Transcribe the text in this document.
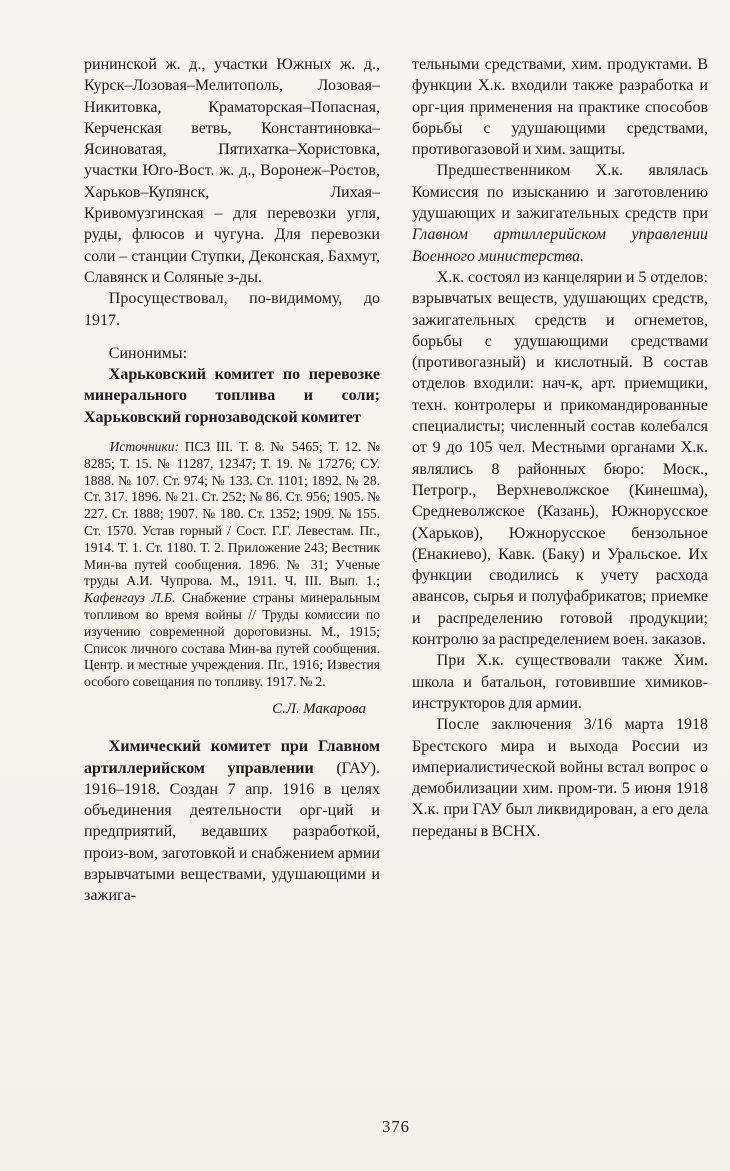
рининской ж. д., участки Южных ж. д., Курск–Лозовая–Мелитополь, Лозовая–Никитовка, Краматорская–Попасная, Керченская ветвь, Константиновка–Ясиноватая, Пятихатка–Хористовка, участки Юго-Вост. ж. д., Воронеж–Ростов, Харьков–Купянск, Лихая–Кривомузгинская – для перевозки угля, руды, флюсов и чугуна. Для перевозки соли – станции Ступки, Деконская, Бахмут, Славянск и Соляные з-ды.

Просуществовал, по-видимому, до 1917.

Синонимы:

Харьковский комитет по перевозке минерального топлива и соли; Харьковский горнозаводской комитет

Источники: ПСЗ III. Т. 8. № 5465; Т. 12. № 8285; Т. 15. № 11287, 12347; Т. 19. № 17276; СУ. 1888. № 107. Ст. 974; № 133. Ст. 1101; 1892. № 28. Ст. 317. 1896. № 21. Ст. 252; № 86. Ст. 956; 1905. № 227. Ст. 1888; 1907. № 180. Ст. 1352; 1909. № 155. Ст. 1570. Устав горный / Сост. Г.Г. Левестам. Пг., 1914. Т. 1. Ст. 1180. Т. 2. Приложение 243; Вестник Мин-ва путей сообщения. 1896. № 31; Ученые труды А.И. Чупрова. М., 1911. Ч. III. Вып. 1.; Кафенгауз Л.Б. Снабжение страны минеральным топливом во время войны // Труды комиссии по изучению современной дороговизны. М., 1915; Список личного состава Мин-ва путей сообщения. Центр. и местные учреждения. Пг., 1916; Известия особого совещания по топливу. 1917. № 2.

С.Л. Макарова

Химический комитет при Главном артиллерийском управлении (ГАУ). 1916–1918. Создан 7 апр. 1916 в целях объединения деятельности орг-ций и предприятий, ведавших разработкой, произ-вом, заготовкой и снабжением армии взрывчатыми веществами, удушающими и зажига-

тельными средствами, хим. продуктами. В функции Х.к. входили также разработка и орг-ция применения на практике способов борьбы с удушающими средствами, противогазовой и хим. защиты.

Предшественником Х.к. являлась Комиссия по изысканию и заготовлению удушающих и зажигательных средств при Главном артиллерийском управлении Военного министерства.

Х.к. состоял из канцелярии и 5 отделов: взрывчатых веществ, удушающих средств, зажигательных средств и огнеметов, борьбы с удушающими средствами (противогазный) и кислотный. В состав отделов входили: нач-к, арт. приемщики, техн. контролеры и прикомандированные специалисты; численный состав колебался от 9 до 105 чел. Местными органами Х.к. являлись 8 районных бюро: Моск., Петрогр., Верхневолжское (Кинешма), Средневолжское (Казань), Южнорусское (Харьков), Южнорусское бензольное (Енакиево), Кавк. (Баку) и Уральское. Их функции сводились к учету расхода авансов, сырья и полуфабрикатов; приемке и распределению готовой продукции; контролю за распределением воен. заказов.

При Х.к. существовали также Хим. школа и батальон, готовившие химиков-инструкторов для армии.

После заключения 3/16 марта 1918 Брестского мира и выхода России из империалистической войны встал вопрос о демобилизации хим. пром-ти. 5 июня 1918 Х.к. при ГАУ был ликвидирован, а его дела переданы в ВСНХ.

376
